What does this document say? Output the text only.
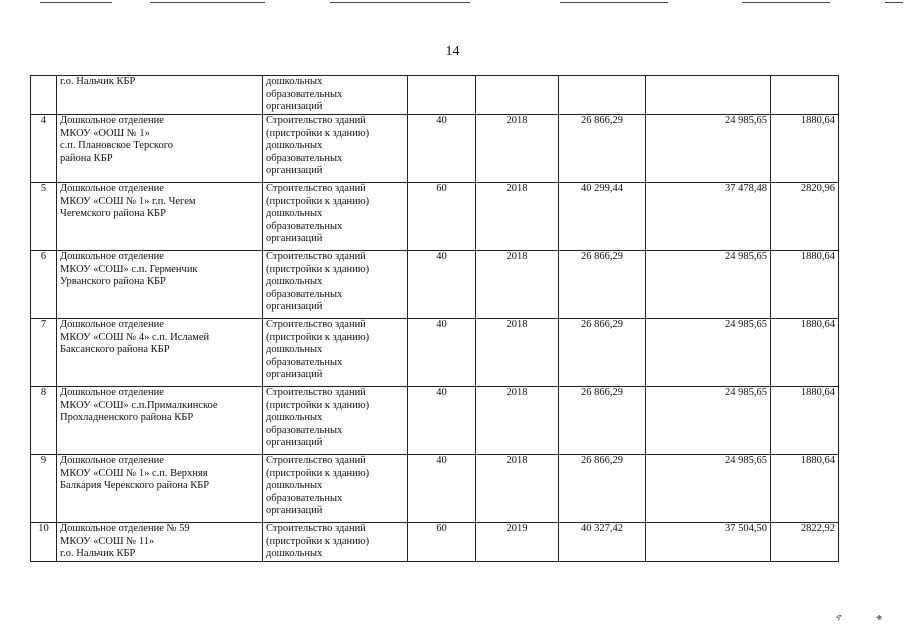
14

	г.о. Нальчик КБР	дошкольных
образовательных
организаций					
4	Дошкольное отделение
МКОУ «ООШ № 1»
с.п. Плановское Терского
района КБР	Строительство зданий
(пристройки к зданию)
дошкольных
образовательных
организаций	40	2018	26 866,29	24 985,65	1880,64
5	Дошкольное отделение
МКОУ «СОШ № 1» г.п. Чегем
Чегемского района КБР	Строительство зданий
(пристройки к зданию)
дошкольных
образовательных
организаций	60	2018	40 299,44	37 478,48	2820,96
6	Дошкольное отделение
МКОУ «СОШ» с.п. Герменчик
Урванского района КБР	Строительство зданий
(пристройки к зданию)
дошкольных
образовательных
организаций	40	2018	26 866,29	24 985,65	1880,64
7	Дошкольное отделение
МКОУ «СОШ № 4» с.п. Исламей
Баксанского района КБР	Строительство зданий
(пристройки к зданию)
дошкольных
образовательных
организаций	40	2018	26 866,29	24 985,65	1880,64
8	Дошкольное отделение
МКОУ «СОШ» с.п.Прималкинское
Прохладненского района КБР	Строительство зданий
(пристройки к зданию)
дошкольных
образовательных
организаций	40	2018	26 866,29	24 985,65	1880,64
9	Дошкольное отделение
МКОУ «СОШ № 1» с.п. Верхняя
Балкария Черекского района КБР	Строительство зданий
(пристройки к зданию)
дошкольных
образовательных
организаций	40	2018	26 866,29	24 985,65	1880,64
10	Дошкольное отделение № 59
МКОУ «СОШ № 11»
г.о. Нальчик КБР	Строительство зданий
(пристройки к зданию)
дошкольных	60	2019	40 327,42	37 504,50	2822,92
ኖ	ቁ
